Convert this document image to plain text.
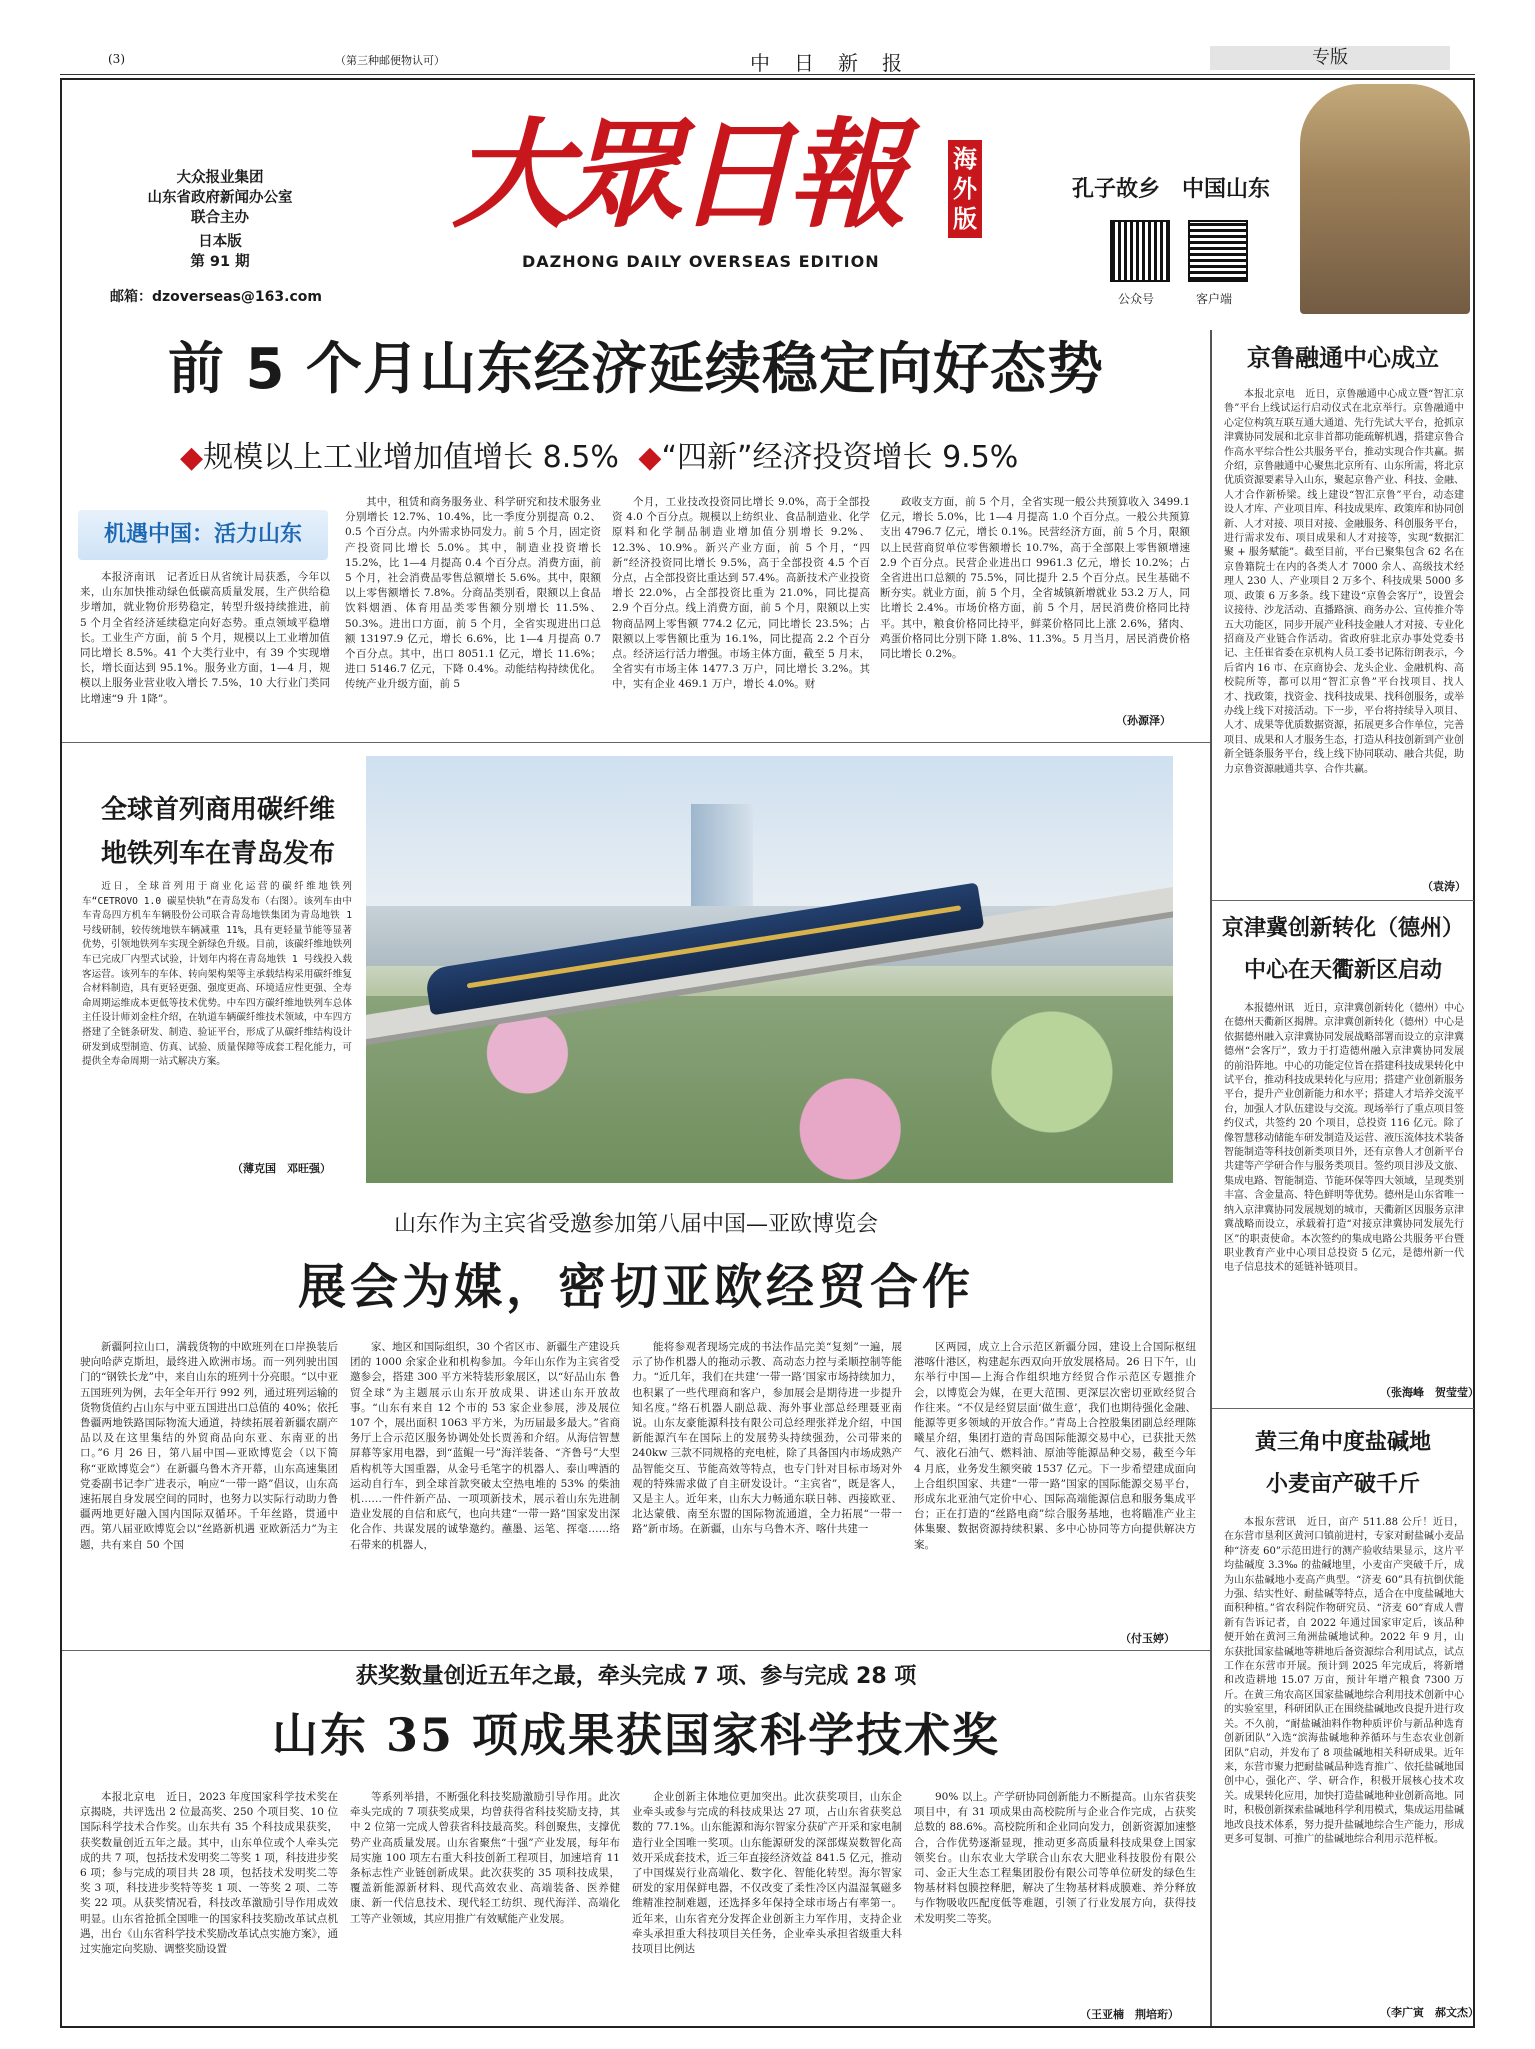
(3)	（第三种邮便物认可）	中　日　新　报	专版
大众报业集团
山东省政府新闻办公室
联合主办
日本版
第 91 期
邮箱：dzoverseas@163.com
大眾日報
DAZHONG DAILY OVERSEAS EDITION
海外版
孔子故乡　中国山东
公众号	客户端
前 5 个月山东经济延续稳定向好态势
◆规模以上工业增加值增长 8.5% ◆“四新”经济投资增长 9.5%
机遇中国：活力山东

本报济南讯　记者近日从省统计局获悉，今年以来，山东加快推动绿色低碳高质量发展，生产供给稳步增加，就业物价形势稳定，转型升级持续推进，前 5 个月全省经济延续稳定向好态势。重点领域平稳增长。工业生产方面，前 5 个月，规模以上工业增加值同比增长 8.5%。41 个大类行业中，有 39 个实现增长，增长面达到 95.1%。服务业方面，1—4 月，规模以上服务业营业收入增长 7.5%，10 大行业门类同比增速“9 升 1降”。

其中，租赁和商务服务业、科学研究和技术服务业分别增长 12.7%、10.4%，比一季度分别提高 0.2、0.5 个百分点。内外需求协同发力。前 5 个月，固定资产投资同比增长 5.0%。其中，制造业投资增长 15.2%，比 1—4 月提高 0.4 个百分点。消费方面，前 5 个月，社会消费品零售总额增长 5.6%。其中，限额以上零售额增长 7.8%。分商品类别看，限额以上食品饮料烟酒、体育用品类零售额分别增长 11.5%、50.3%。进出口方面，前 5 个月，全省实现进出口总额 13197.9 亿元，增长 6.6%，比 1—4 月提高 0.7 个百分点。其中，出口 8051.1 亿元，增长 11.6%；进口 5146.7 亿元，下降 0.4%。动能结构持续优化。传统产业升级方面，前 5

个月，工业技改投资同比增长 9.0%，高于全部投资 4.0 个百分点。规模以上纺织业、食品制造业、化学原料和化学制品制造业增加值分别增长 9.2%、12.3%、10.9%。新兴产业方面，前 5 个月，“四新”经济投资同比增长 9.5%，高于全部投资 4.5 个百分点，占全部投资比重达到 57.4%。高新技术产业投资增长 22.0%，占全部投资比重为 21.0%，同比提高 2.9 个百分点。线上消费方面，前 5 个月，限额以上实物商品网上零售额 774.2 亿元，同比增长 23.5%；占限额以上零售额比重为 16.1%，同比提高 2.2 个百分点。经济运行活力增强。市场主体方面，截至 5 月末，全省实有市场主体 1477.3 万户，同比增长 3.2%。其中，实有企业 469.1 万户，增长 4.0%。财

政收支方面，前 5 个月，全省实现一般公共预算收入 3499.1 亿元，增长 5.0%，比 1—4 月提高 1.0 个百分点。一般公共预算支出 4796.7 亿元，增长 0.1%。民营经济方面，前 5 个月，限额以上民营商贸单位零售额增长 10.7%，高于全部限上零售额增速 2.9 个百分点。民营企业进出口 9961.3 亿元，增长 10.2%；占全省进出口总额的 75.5%，同比提升 2.5 个百分点。民生基础不断夯实。就业方面，前 5 个月，全省城镇新增就业 53.2 万人，同比增长 2.4%。市场价格方面，前 5 个月，居民消费价格同比持平。其中，粮食价格同比持平，鲜菜价格同比上涨 2.6%，猪肉、鸡蛋价格同比分别下降 1.8%、11.3%。5 月当月，居民消费价格同比增长 0.2%。

（孙源泽）
全球首列商用碳纤维
地铁列车在青岛发布

近日，全球首列用于商业化运营的碳纤维地铁列车“CETROVO 1.0 碳星快轨”在青岛发布（右图）。该列车由中车青岛四方机车车辆股份公司联合青岛地铁集团为青岛地铁 1 号线研制，较传统地铁车辆减重 11%，具有更轻量节能等显著优势，引领地铁列车实现全新绿色升级。目前，该碳纤维地铁列车已完成厂内型式试验，计划年内将在青岛地铁 1 号线投入载客运营。该列车的车体、转向架构架等主承载结构采用碳纤维复合材料制造，具有更轻更强、强度更高、环境适应性更强、全寿命周期运维成本更低等技术优势。中车四方碳纤维地铁列车总体主任设计师刘金柱介绍，在轨道车辆碳纤维技术领域，中车四方搭建了全链条研发、制造、验证平台，形成了从碳纤维结构设计研发到成型制造、仿真、试验、质量保障等成套工程化能力，可提供全寿命周期一站式解决方案。

（薄克国　邓旺强）
山东作为主宾省受邀参加第八届中国—亚欧博览会
展会为媒，密切亚欧经贸合作

新疆阿拉山口，满载货物的中欧班列在口岸换装后驶向哈萨克斯坦，最终进入欧洲市场。而一列列驶出国门的“钢铁长龙”中，来自山东的班列十分亮眼。“以中亚五国班列为例，去年全年开行 992 列，通过班列运输的货物货值约占山东与中亚五国进出口总值的 40%；依托鲁疆两地铁路国际物流大通道，持续拓展着新疆农副产品以及在这里集结的外贸商品向东亚、东南亚的出口。”6 月 26 日，第八届中国—亚欧博览会（以下简称“亚欧博览会”）在新疆乌鲁木齐开幕，山东高速集团党委副书记李广进表示，响应“一带一路”倡议，山东高速拓展自身发展空间的同时，也努力以实际行动助力鲁疆两地更好融入国内国际双循环。千年丝路，贯通中西。第八届亚欧博览会以“丝路新机遇 亚欧新活力”为主题，共有来自 50 个国

家、地区和国际组织，30 个省区市、新疆生产建设兵团的 1000 余家企业和机构参加。今年山东作为主宾省受邀参会，搭建 300 平方米特装形象展区，以“好品山东 鲁贸全球”为主题展示山东开放成果、讲述山东开放故事。“山东有来自 12 个市的 53 家企业参展，涉及展位 107 个，展出面积 1063 平方米，为历届最多最大。”省商务厅上合示范区服务协调处处长贾善和介绍。从海信智慧屏幕等家用电器，到“蓝鲲一号”海洋装备、“齐鲁号”大型盾构机等大国重器，从金号毛笔字的机器人、泰山啤酒的运动自行车，到全球首款突破太空热电堆的 53% 的柴油机……一件件新产品、一项项新技术，展示着山东先进制造业发展的自信和底气，也向共建“一带一路”国家发出深化合作、共谋发展的诚挚邀约。蘸墨、运笔、挥毫……络石带来的机器人，

能将参观者现场完成的书法作品完美“复刻”一遍，展示了协作机器人的拖动示教、高动态力控与柔顺控制等能力。“近几年，我们在共建‘一带一路’国家市场持续加力，也积累了一些代理商和客户，参加展会是期待进一步提升知名度。”络石机器人副总裁、海外事业部总经理聂亚南说。山东友豪能源科技有限公司总经理张祥龙介绍，中国新能源汽车在国际上的发展势头持续强劲，公司带来的 240kw 三款不同规格的充电桩，除了具备国内市场成熟产品智能交互、节能高效等特点，也专门针对目标市场对外观的特殊需求做了自主研发设计。“主宾省”，既是客人，又是主人。近年来，山东大力畅通东联日韩、西接欧亚、北达蒙俄、南至东盟的国际物流通道，全力拓展“一带一路”新市场。在新疆，山东与乌鲁木齐、喀什共建一

区两园，成立上合示范区新疆分园，建设上合国际枢纽港喀什港区，构建起东西双向开放发展格局。26 日下午，山东举行中国—上海合作组织地方经贸合作示范区专题推介会，以博览会为媒，在更大范围、更深层次密切亚欧经贸合作往来。“不仅是经贸层面‘做生意’，我们也期待强化金融、能源等更多领域的开放合作。”青岛上合控股集团副总经理陈曦星介绍，集团打造的青岛国际能源交易中心，已获批天然气、液化石油气、燃料油、原油等能源品种交易，截至今年 4 月底，业务发生额突破 1537 亿元。下一步希望建成面向上合组织国家、共建“一带一路”国家的国际能源交易平台，形成东北亚油气定价中心、国际高端能源信息和服务集成平台；正在打造的“丝路电商”综合服务基地，也将瞄准产业主体集聚、数据资源持续积累、多中心协同等方向提供解决方案。

（付玉婷）
获奖数量创近五年之最，牵头完成 7 项、参与完成 28 项
山东 35 项成果获国家科学技术奖

本报北京电　近日，2023 年度国家科学技术奖在京揭晓，共评选出 2 位最高奖、250 个项目奖、10 位国际科学技术合作奖。山东共有 35 个科技成果获奖，获奖数量创近五年之最。其中，山东单位或个人牵头完成的共 7 项，包括技术发明奖二等奖 1 项，科技进步奖 6 项；参与完成的项目共 28 项，包括技术发明奖二等奖 3 项，科技进步奖特等奖 1 项、一等奖 2 项、二等奖 22 项。从获奖情况看，科技改革激励引导作用成效明显。山东省抢抓全国唯一的国家科技奖励改革试点机遇，出台《山东省科学技术奖励改革试点实施方案》，通过实施定向奖励、调整奖励设置

等系列举措，不断强化科技奖励激励引导作用。此次牵头完成的 7 项获奖成果，均曾获得省科技奖励支持，其中 2 位第一完成人曾获省科技最高奖。科创聚焦，支撑优势产业高质量发展。山东省聚焦“十强”产业发展，每年布局实施 100 项左右重大科技创新工程项目，加速培育 11 条标志性产业链创新成果。此次获奖的 35 项科技成果，覆盖新能源新材料、现代高效农业、高端装备、医养健康、新一代信息技术、现代轻工纺织、现代海洋、高端化工等产业领域，其应用推广有效赋能产业发展。

企业创新主体地位更加突出。此次获奖项目，山东企业牵头或参与完成的科技成果达 27 项，占山东省获奖总数的 77.1%。山东能源和海尔智家分获矿产开采和家电制造行业全国唯一奖项。山东能源研发的深部煤炭数智化高效开采成套技术，近三年直接经济效益 841.5 亿元，推动了中国煤炭行业高端化、数字化、智能化转型。海尔智家研发的家用保鲜电器，不仅改变了柔性冷区内温湿氧磁多维精准控制难题，还选择多年保持全球市场占有率第一。近年来，山东省充分发挥企业创新主力军作用，支持企业牵头承担重大科技项目关任务，企业牵头承担省级重大科技项目比例达

90% 以上。产学研协同创新能力不断提高。山东省获奖项目中，有 31 项成果由高校院所与企业合作完成，占获奖总数的 88.6%。高校院所和企业同向发力，创新资源加速整合，合作优势逐渐显现，推动更多高质量科技成果登上国家领奖台。山东农业大学联合山东农大肥业科技股份有限公司、金正大生态工程集团股份有限公司等单位研发的绿色生物基材料包膜控释肥，解决了生物基材料成膜难、养分释放与作物吸收匹配度低等难题，引领了行业发展方向，获得技术发明奖二等奖。

（王亚楠　荆培珩）
京鲁融通中心成立

本报北京电　近日，京鲁融通中心成立暨“智汇京鲁”平台上线试运行启动仪式在北京举行。京鲁融通中心定位构筑互联互通大通道、先行先试大平台，抢抓京津冀协同发展和北京非首都功能疏解机遇，搭建京鲁合作高水平综合性公共服务平台，推动实现合作共赢。据介绍，京鲁融通中心聚焦北京所有、山东所需，将北京优质资源要素导入山东，聚起京鲁产业、科技、金融、人才合作新桥梁。线上建设“智汇京鲁”平台，动态建设人才库、产业项目库、科技成果库、政策库和协同创新、人才对接、项目对接、金融服务、科创服务平台，进行需求发布、项目成果和人才对接等，实现“数据汇聚 + 服务赋能”。截至目前，平台已聚集包含 62 名在京鲁籍院士在内的各类人才 7000 余人、高级技术经理人 230 人、产业项目 2 万多个、科技成果 5000 多项、政策 6 万多条。线下建设“京鲁会客厅”，设置会议接待、沙龙活动、直播路演、商务办公、宣传推介等五大功能区，同步开展产业科技金融人才对接、专业化招商及产业链合作活动。省政府驻北京办事处党委书记、主任崔省委在京机构人员工委书记陈衍朗表示，今后省内 16 市、在京商协会、龙头企业、金融机构、高校院所等，都可以用“智汇京鲁”平台找项目、找人才、找政策，找资金、找科技成果、找科创服务，或举办线上线下对接活动。下一步，平台将持续导入项目、人才、成果等优质数据资源，拓展更多合作单位，完善项目、成果和人才服务生态，打造从科技创新到产业创新全链条服务平台，线上线下协同联动、融合共促，助力京鲁资源融通共享、合作共赢。

（袁涛）
京津冀创新转化（德州）
中心在天衢新区启动

本报德州讯　近日，京津冀创新转化（德州）中心在德州天衢新区揭牌。京津冀创新转化（德州）中心是依据德州融入京津冀协同发展战略部署而设立的京津冀德州“会客厅”，致力于打造德州融入京津冀协同发展的前沿阵地。中心的功能定位旨在搭建科技成果转化中试平台，推动科技成果转化与应用；搭建产业创新服务平台，提升产业创新能力和水平；搭建人才培养交流平台，加强人才队伍建设与交流。现场举行了重点项目签约仪式，共签约 20 个项目，总投资 116 亿元。除了像智慧移动储能车研发制造及运营、液压流体技术装备智能制造等科技创新类项目外，还有京鲁人才创新平台共建等产学研合作与服务类项目。签约项目涉及文旅、集成电路、智能制造、节能环保等四大领域，呈现类别丰富、含金量高、特色鲜明等优势。德州是山东省唯一纳入京津冀协同发展规划的城市，天衢新区因服务京津冀战略而设立，承载着打造“对接京津冀协同发展先行区”的职责使命。本次签约的集成电路公共服务平台暨职业教育产业中心项目总投资 5 亿元，是德州新一代电子信息技术的延链补链项目。

（张海峰　贺莹莹）
黄三角中度盐碱地
小麦亩产破千斤

本报东营讯　近日，亩产 511.88 公斤！近日，在东营市垦利区黄河口镇前进村，专家对耐盐碱小麦品种“济麦 60”示范田进行的测产验收结果显示，这片平均盐碱度 3.3‰ 的盐碱地里，小麦亩产突破千斤，成为山东盐碱地小麦高产典型。“济麦 60”具有抗倒伏能力强、结实性好、耐盐碱等特点，适合在中度盐碱地大面积种植。”省农科院作物研究员、“济麦 60”育成人曹新有告诉记者，自 2022 年通过国家审定后，该品种便开始在黄河三角洲盐碱地试种。2022 年 9 月，山东获批国家盐碱地等耕地后备资源综合利用试点，试点工作在东营市开展。预计到 2025 年完成后，将新增和改造耕地 15.07 万亩，预计年增产粮食 7300 万斤。在黄三角农高区国家盐碱地综合利用技术创新中心的实验室里，科研团队正在围绕盐碱地改良提升进行攻关。不久前，“耐盐碱油料作物种质评价与新品种选育创新团队”入选“滨海盐碱地种养循环与生态农业创新团队”启动，并发布了 8 项盐碱地相关科研成果。近年来，东营市聚力把耐盐碱品种选育推广、依托盐碱地国创中心，强化产、学、研合作，积极开展核心技术攻关。成果转化应用，加快打造盐碱地种业创新高地。同时，积极创新探索盐碱地科学利用模式，集成运用盐碱地改良技术体系，努力提升盐碱地综合生产能力，形成更多可复制、可推广的盐碱地综合利用示范样板。

（李广寅　郝文杰）
